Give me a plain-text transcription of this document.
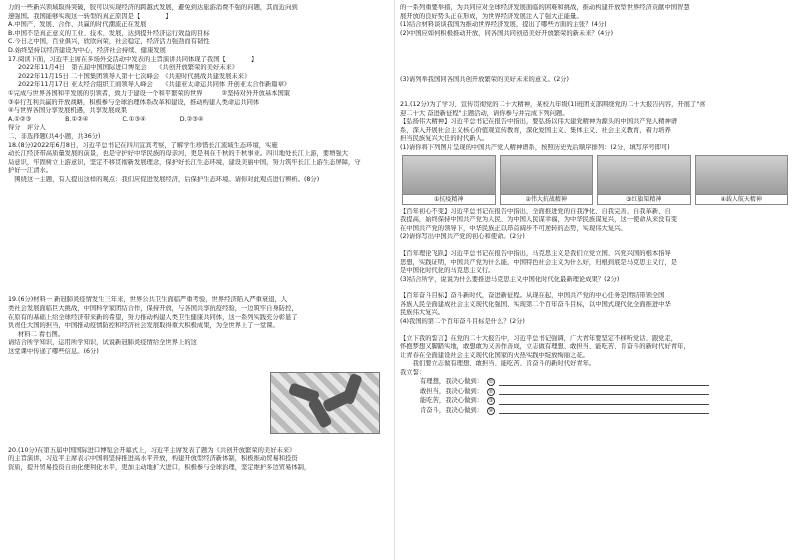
力的一些新兴领域取得突破，胶可以实现经济的跨越式发展，避免到达旅游消费不强的问题，其而近向到
速强国。我国能够实现这一转型的真正原因是【　　　　】
A.中国产、发展、合作、共赢的时代潮流正在发展
B.中国不是真正意义的工业、技术、发展，达到提升经济运行效益的目标
C.今日之中国，百业俱兴，欣欣向荣，社会稳定，经济活力强劲而有韧性
D.始终坚持以经济建设为中心，经济社会持续、健康发展
17.阅读下面，习近平主席在多场外交活动中发表的主旨演讲共同体现了我国【　　　　】
2022年11月4日　第五届中国国际进口博览会　　《共创开放繁荣的美好未来》
2022年11月15日 二十国集团领导人第十七次峰会　《共迎时代挑战共建发展未来》
2022年11月17日 亚太经合组织工商领导人峰会　　《共建亚太命运共同体 开创亚太合作新篇章》
①完成与世界各国和平发展的引领者，致力于建设一个和平繁荣的世界　　　②坚持对外开放基本国策
③奉行互利共赢的开放战略，积极参与全球治理体系改革和建设，推动构建人类命运共同体
④与世界各国分享发展机遇，共享发展成果
A.①②③	B.①②④	C.①③④	D.②③④
得分　评分人
二、非选择题(共4小题，共36分)
18.(8分)2022年6月8日，习近平总书记在四川宜宾考察，了解学生珍惜长江流域生态环境，实施
动长江经济带高质量发展的前景，也是守护好中华民族的母亲河，更是利在千秋的千秋事业。四川地处长江上游，要增强大
局意识，牢固树立上游意识，坚定不移贯彻新发展理念，保护好长江生态环境，建设美丽中国，努力筑牢长江上游生态屏障，守
护好一江清水。
　围绕这一主题，有人提出这样的观点：我们应促进发展经济，后保护生态环境。请你对此观点进行辨析。(8分)
19.(6分)材料一 新冠肺炎疫情发生三年来，世界公共卫生面临严重考验，世界经济陷入严重衰退，人
类社会发展面临巨大挑战，中国科学家团结合作，保持开放，与各国共享抗疫经验，一边筑牢自身防控，
在原有的基础上给全球经济带来新的希望，努力推动构建人类卫生健康共同体，这一系列实践充分彰显了
负责任大国的担当，中国推动疫情防控和经济社会发展取得重大积极成果，为全世界上了一堂课。
材料二 看右图。
请结合所学知识，运用所学知识，试说新冠肺炎疫情给全世界上的这
这堂课中传递了哪些信息。(6分)
20.(10分)在第五届中国国际进口博览会开幕式上，习近平主席发表了题为《共创开放繁荣的美好未来》
的主旨演讲，习近平主席表示中国将坚持推进高水平开放，构建开放型经济新体制，积极推动贸易和投资
资质，提升贸易投资自由化便利化水平，更加主动地扩大进口，积极参与全球治理，坚定维护多边贸易体制，
的一系列重要举措，为共同应对全球经济发展面临的困难和挑战，推动构建开放型世界经济贡献中国智慧
展开放的良好势头正在形成，为世界经济发展注入了强大正能量。
(1)结合材料谈谈我国为推动世界经济发展，提出了哪些方面的主张？(4分)
(2)中国应如何积极推动开放，同各国共同创造美好开放繁荣的新未来？(4分)
(3)请列举我国同各国共创开放繁荣的美好未来的意义。(2分)
21.(12分)为了学习、宣传贯彻党的二十大精神，某校九年级(1)班团支部围绕党的二十大报告内容，开展了"喜
迎二十大 奋进新征程"主题活动，请你参与并完成下列问题。
【弘扬伟大精神】习近平总书记在报告中指出，要弘扬以伟大建党精神为源头的中国共产党人精神谱
系，深入开展社会主义核心价值观宣传教育，深化爱国主义、集体主义、社会主义教育，着力培养
担当民族复兴大任的时代新人。
(1)请你将下列图片呈现的中国共产党人精神谱系，按照历史先后顺序排列：(2分，填写序号即可)
①抗疫精神	②伟大抗战精神	③红旗渠精神	④载人航天精神
【百年初心不变】习近平总书记在报告中指出，全面推进党的自我净化、自我完善、自我革新、自
我提高，始终保持中国共产党为人民、为中国人民谋幸福，为中华民族谋复兴，这一使命从来没有变
在中国共产党的领导下，中华民族正以昂首阔步不可逆转的态势，实现伟大复兴。
(2)请你写出中国共产党的初心和使命。(2分)
【百年理论飞跃】习近平总书记在报告中指出，马克思主义是我们立党立国、兴党兴国的根本指导
思想，实践证明，中国共产党为什么能，中国特色社会主义为什么好，归根到底是马克思主义行，是
是中国化时代化的马克思主义行。
(3)结合所学，说说为什么要推进马克思主义中国化时代化最新理论成果？(2分)
【百年奋斗目标】奋斗新时代，奋进新征程。从现在起，中国共产党的中心任务是团结带领全国
各族人民全面建成社会主义现代化强国、实现第二个百年奋斗目标，以中国式现代化全面推进中华
民族伟大复兴。
(4)我国的第二个百年奋斗目标是什么？(2分)
【立下我的誓言】在党的二十大报告中，习近平总书记强调，广大青年要坚定不移听党话、跟党走，
怀抱梦想又脚踏实地，敢想敢为又善作善成，立志做有理想、敢担当、能吃苦、肯奋斗的新时代好青年，
让青春在全面建设社会主义现代化国家的火热实践中绽放绚丽之花。
　　我们要立志做有理想、敢担当、能吃苦、肯奋斗的新时代好青年。
我立誓：
有理想，我决心做到：	①
敢担当，我决心做到：	②
能吃苦，我决心做到：	③
肯奋斗，我决心做到：	④
